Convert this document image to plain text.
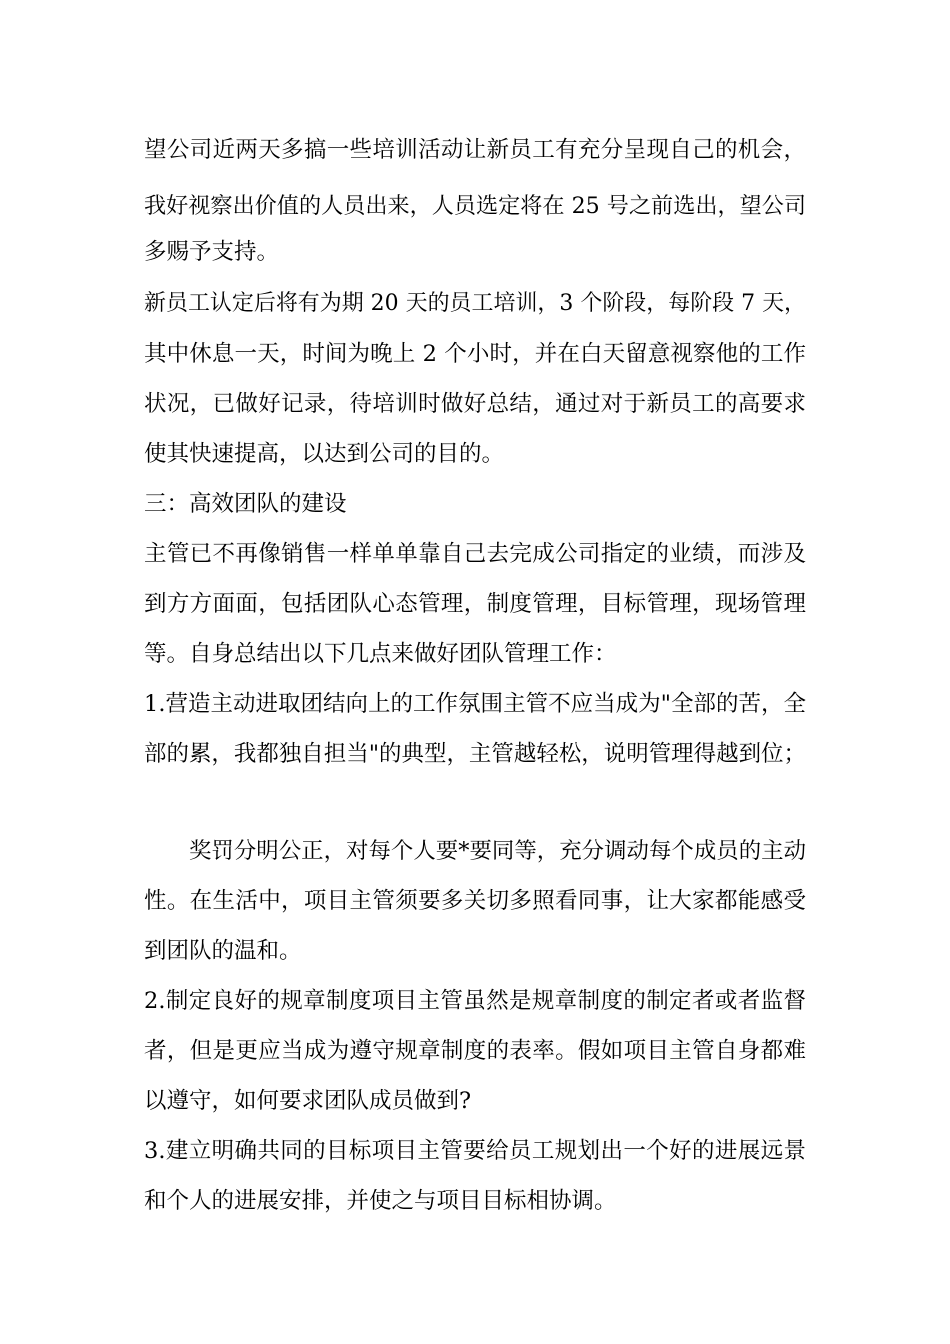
望公司近两天多搞一些培训活动让新员工有充分呈现自己的机会，
我好视察出价值的人员出来，人员选定将在 25 号之前选出，望公司
多赐予支持。
新员工认定后将有为期 20 天的员工培训，3 个阶段，每阶段 7 天，
其中休息一天，时间为晚上 2 个小时，并在白天留意视察他的工作
状况，已做好记录，待培训时做好总结，通过对于新员工的高要求
使其快速提高，以达到公司的目的。
三：高效团队的建设
主管已不再像销售一样单单靠自己去完成公司指定的业绩，而涉及
到方方面面，包括团队心态管理，制度管理，目标管理，现场管理
等。自身总结出以下几点来做好团队管理工作：
1.营造主动进取团结向上的工作氛围主管不应当成为"全部的苦，全
部的累，我都独自担当"的典型，主管越轻松，说明管理得越到位；
奖罚分明公正，对每个人要*要同等，充分调动每个成员的主动
性。在生活中，项目主管须要多关切多照看同事，让大家都能感受
到团队的温和。
2.制定良好的规章制度项目主管虽然是规章制度的制定者或者监督
者，但是更应当成为遵守规章制度的表率。假如项目主管自身都难
以遵守，如何要求团队成员做到?
3.建立明确共同的目标项目主管要给员工规划出一个好的进展远景
和个人的进展安排，并使之与项目目标相协调。
